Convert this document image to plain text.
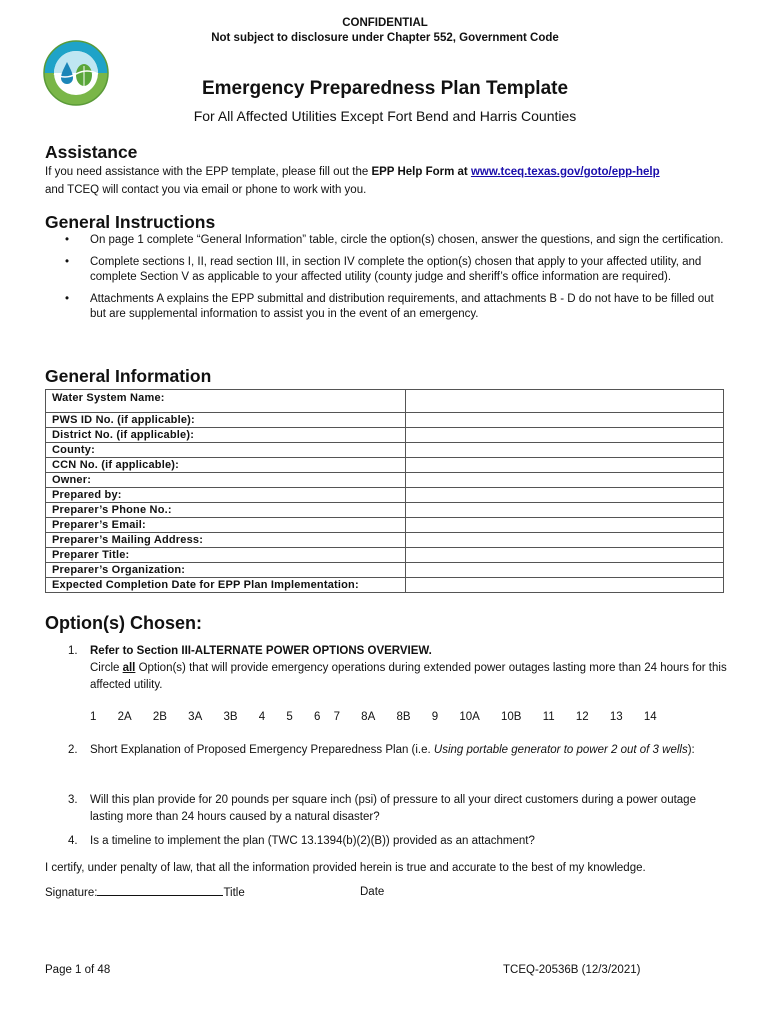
CONFIDENTIAL
Not subject to disclosure under Chapter 552, Government Code
Emergency Preparedness Plan Template
For All Affected Utilities Except Fort Bend and Harris Counties
Assistance
If you need assistance with the EPP template, please fill out the EPP Help Form at www.tceq.texas.gov/goto/epp-help
and TCEQ will contact you via email or phone to work with you.
General Instructions
• On page 1 complete “General Information” table, circle the option(s) chosen, answer the questions, and sign the certification.
• Complete sections I, II, read section III, in section IV complete the option(s) chosen that apply to your affected utility, and complete Section V as applicable to your affected utility (county judge and sheriff’s office information are required).
• Attachments A explains the EPP submittal and distribution requirements, and attachments B - D do not have to be filled out but are supplemental information to assist you in the event of an emergency.
General Information
Water System Name:	
PWS ID No. (if applicable):	
District No. (if applicable):	
County:	
CCN No. (if applicable):	
Owner:	
Prepared by:	
Preparer’s Phone No.:	
Preparer’s Email:	
Preparer’s Mailing Address:	
Preparer Title:	
Preparer’s Organization:	
Expected Completion Date for EPP Plan Implementation:	
Option(s) Chosen:
1. Refer to Section III-ALTERNATE POWER OPTIONS OVERVIEW.
Circle all Option(s) that will provide emergency operations during extended power outages lasting more than 24 hours for this affected utility.
1 2A 2B 3A 3B 4 5 6 7 8A 8B 9 10A 10B 11 12 13 14
2. Short Explanation of Proposed Emergency Preparedness Plan (i.e. Using portable generator to power 2 out of 3 wells):
3. Will this plan provide for 20 pounds per square inch (psi) of pressure to all your direct customers during a power outage lasting more than 24 hours caused by a natural disaster?
4. Is a timeline to implement the plan (TWC 13.1394(b)(2)(B)) provided as an attachment?
I certify, under penalty of law, that all the information provided herein is true and accurate to the best of my knowledge.
Signature:	Title	Date
Page 1 of 48	TCEQ-20536B (12/3/2021)
